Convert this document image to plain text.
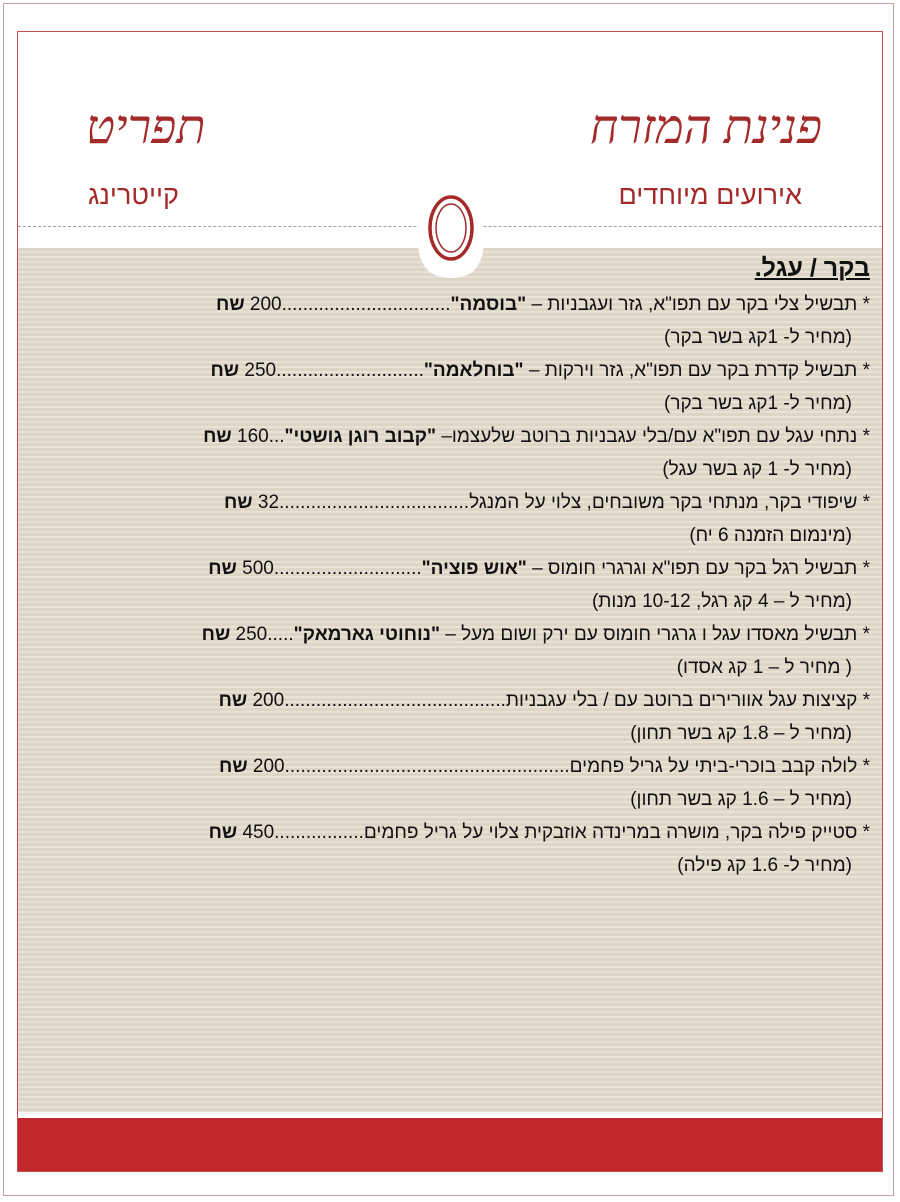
פנינת המזרח
תפריט
אירועים מיוחדים
קייטרינג
בקר / עגל.
* תבשיל צלי בקר עם תפו"א, גזר ועגבניות – "בוסמה"................................200 שח
(מחיר ל- 1קג בשר בקר)
* תבשיל קדרת בקר עם תפו"א, גזר וירקות – "בוחלאמה"............................250 שח
(מחיר ל- 1קג בשר בקר)
* נתחי עגל עם תפו"א עם/בלי עגבניות ברוטב שלעצמו– "קבוב רוגן גושטי"...160 שח
(מחיר ל- 1 קג בשר עגל)
* שיפודי בקר, מנתחי בקר משובחים, צלוי על המנגל....................................32 שח
(מינמום הזמנה 6 יח)
* תבשיל רגל בקר עם תפו"א וגרגרי חומוס – "אוש פוציה"............................500 שח
(מחיר ל – 4 קג רגל, 10-12 מנות)
* תבשיל מאסדו עגל ו גרגרי חומוס עם ירק ושום מעל – "נוחוטי גארמאק".....250 שח
( מחיר ל – 1 קג אסדו)
* קציצות עגל אוורירים ברוטב עם / בלי עגבניות..........................................200 שח
(מחיר ל – 1.8 קג בשר תחון)
* לולה קבב בוכרי-ביתי על גריל פחמים......................................................200 שח
(מחיר ל – 1.6 קג בשר תחון)
* סטייק פילה בקר, מושרה במרינדה אוזבקית צלוי על גריל פחמים.................450 שח
(מחיר ל- 1.6 קג פילה)
